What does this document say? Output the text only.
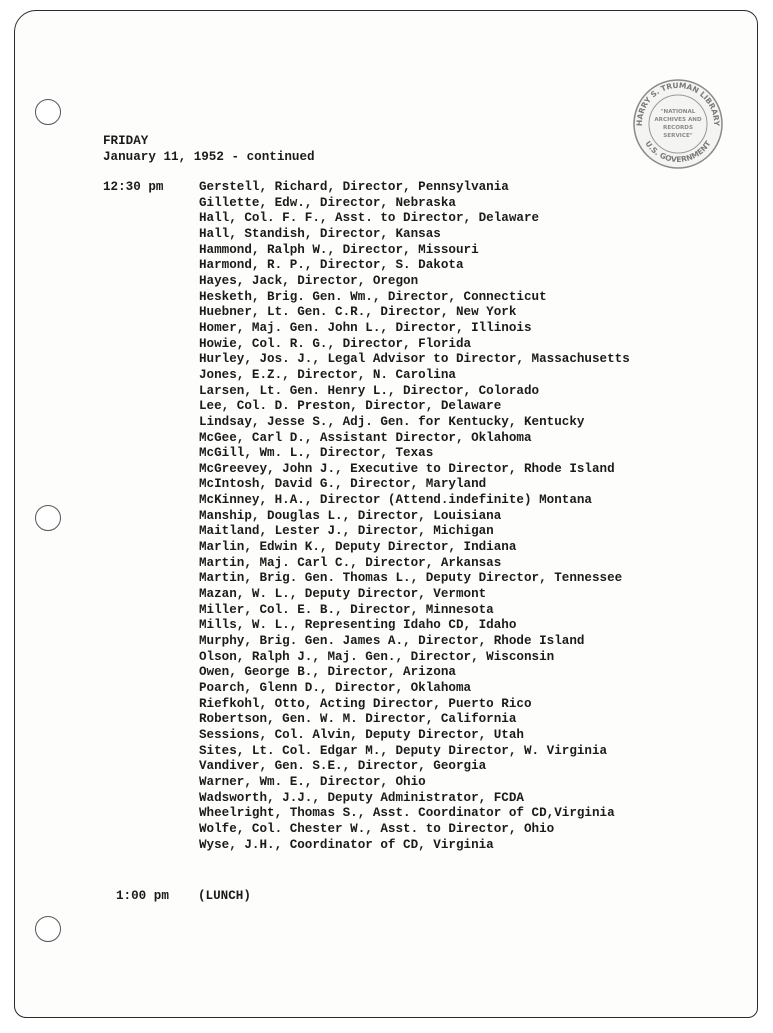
HARRY S. TRUMAN LIBRARY
U.S. GOVERNMENT
"NATIONAL
ARCHIVES AND
RECORDS
SERVICE"
FRIDAY
January 11, 1952 - continued
12:30 pm	Gerstell, Richard, Director, Pennsylvania
Gillette, Edw., Director, Nebraska
Hall, Col. F. F., Asst. to Director, Delaware
Hall, Standish, Director, Kansas
Hammond, Ralph W., Director, Missouri
Harmond, R. P., Director, S. Dakota
Hayes, Jack, Director, Oregon
Hesketh, Brig. Gen. Wm., Director, Connecticut
Huebner, Lt. Gen. C.R., Director, New York
Homer, Maj. Gen. John L., Director, Illinois
Howie, Col. R. G., Director, Florida
Hurley, Jos. J., Legal Advisor to Director, Massachusetts
Jones, E.Z., Director, N. Carolina
Larsen, Lt. Gen. Henry L., Director, Colorado
Lee, Col. D. Preston, Director, Delaware
Lindsay, Jesse S., Adj. Gen. for Kentucky, Kentucky
McGee, Carl D., Assistant Director, Oklahoma
McGill, Wm. L., Director, Texas
McGreevey, John J., Executive to Director, Rhode Island
McIntosh, David G., Director, Maryland
McKinney, H.A., Director (Attend.indefinite) Montana
Manship, Douglas L., Director, Louisiana
Maitland, Lester J., Director, Michigan
Marlin, Edwin K., Deputy Director, Indiana
Martin, Maj. Carl C., Director, Arkansas
Martin, Brig. Gen. Thomas L., Deputy Director, Tennessee
Mazan, W. L., Deputy Director, Vermont
Miller, Col. E. B., Director, Minnesota
Mills, W. L., Representing Idaho CD, Idaho
Murphy, Brig. Gen. James A., Director, Rhode Island
Olson, Ralph J., Maj. Gen., Director, Wisconsin
Owen, George B., Director, Arizona
Poarch, Glenn D., Director, Oklahoma
Riefkohl, Otto, Acting Director, Puerto Rico
Robertson, Gen. W. M. Director, California
Sessions, Col. Alvin, Deputy Director, Utah
Sites, Lt. Col. Edgar M., Deputy Director, W. Virginia
Vandiver, Gen. S.E., Director, Georgia
Warner, Wm. E., Director, Ohio
Wadsworth, J.J., Deputy Administrator, FCDA
Wheelright, Thomas S., Asst. Coordinator of CD,Virginia
Wolfe, Col. Chester W., Asst. to Director, Ohio
Wyse, J.H., Coordinator of CD, Virginia
1:00 pm (LUNCH)
